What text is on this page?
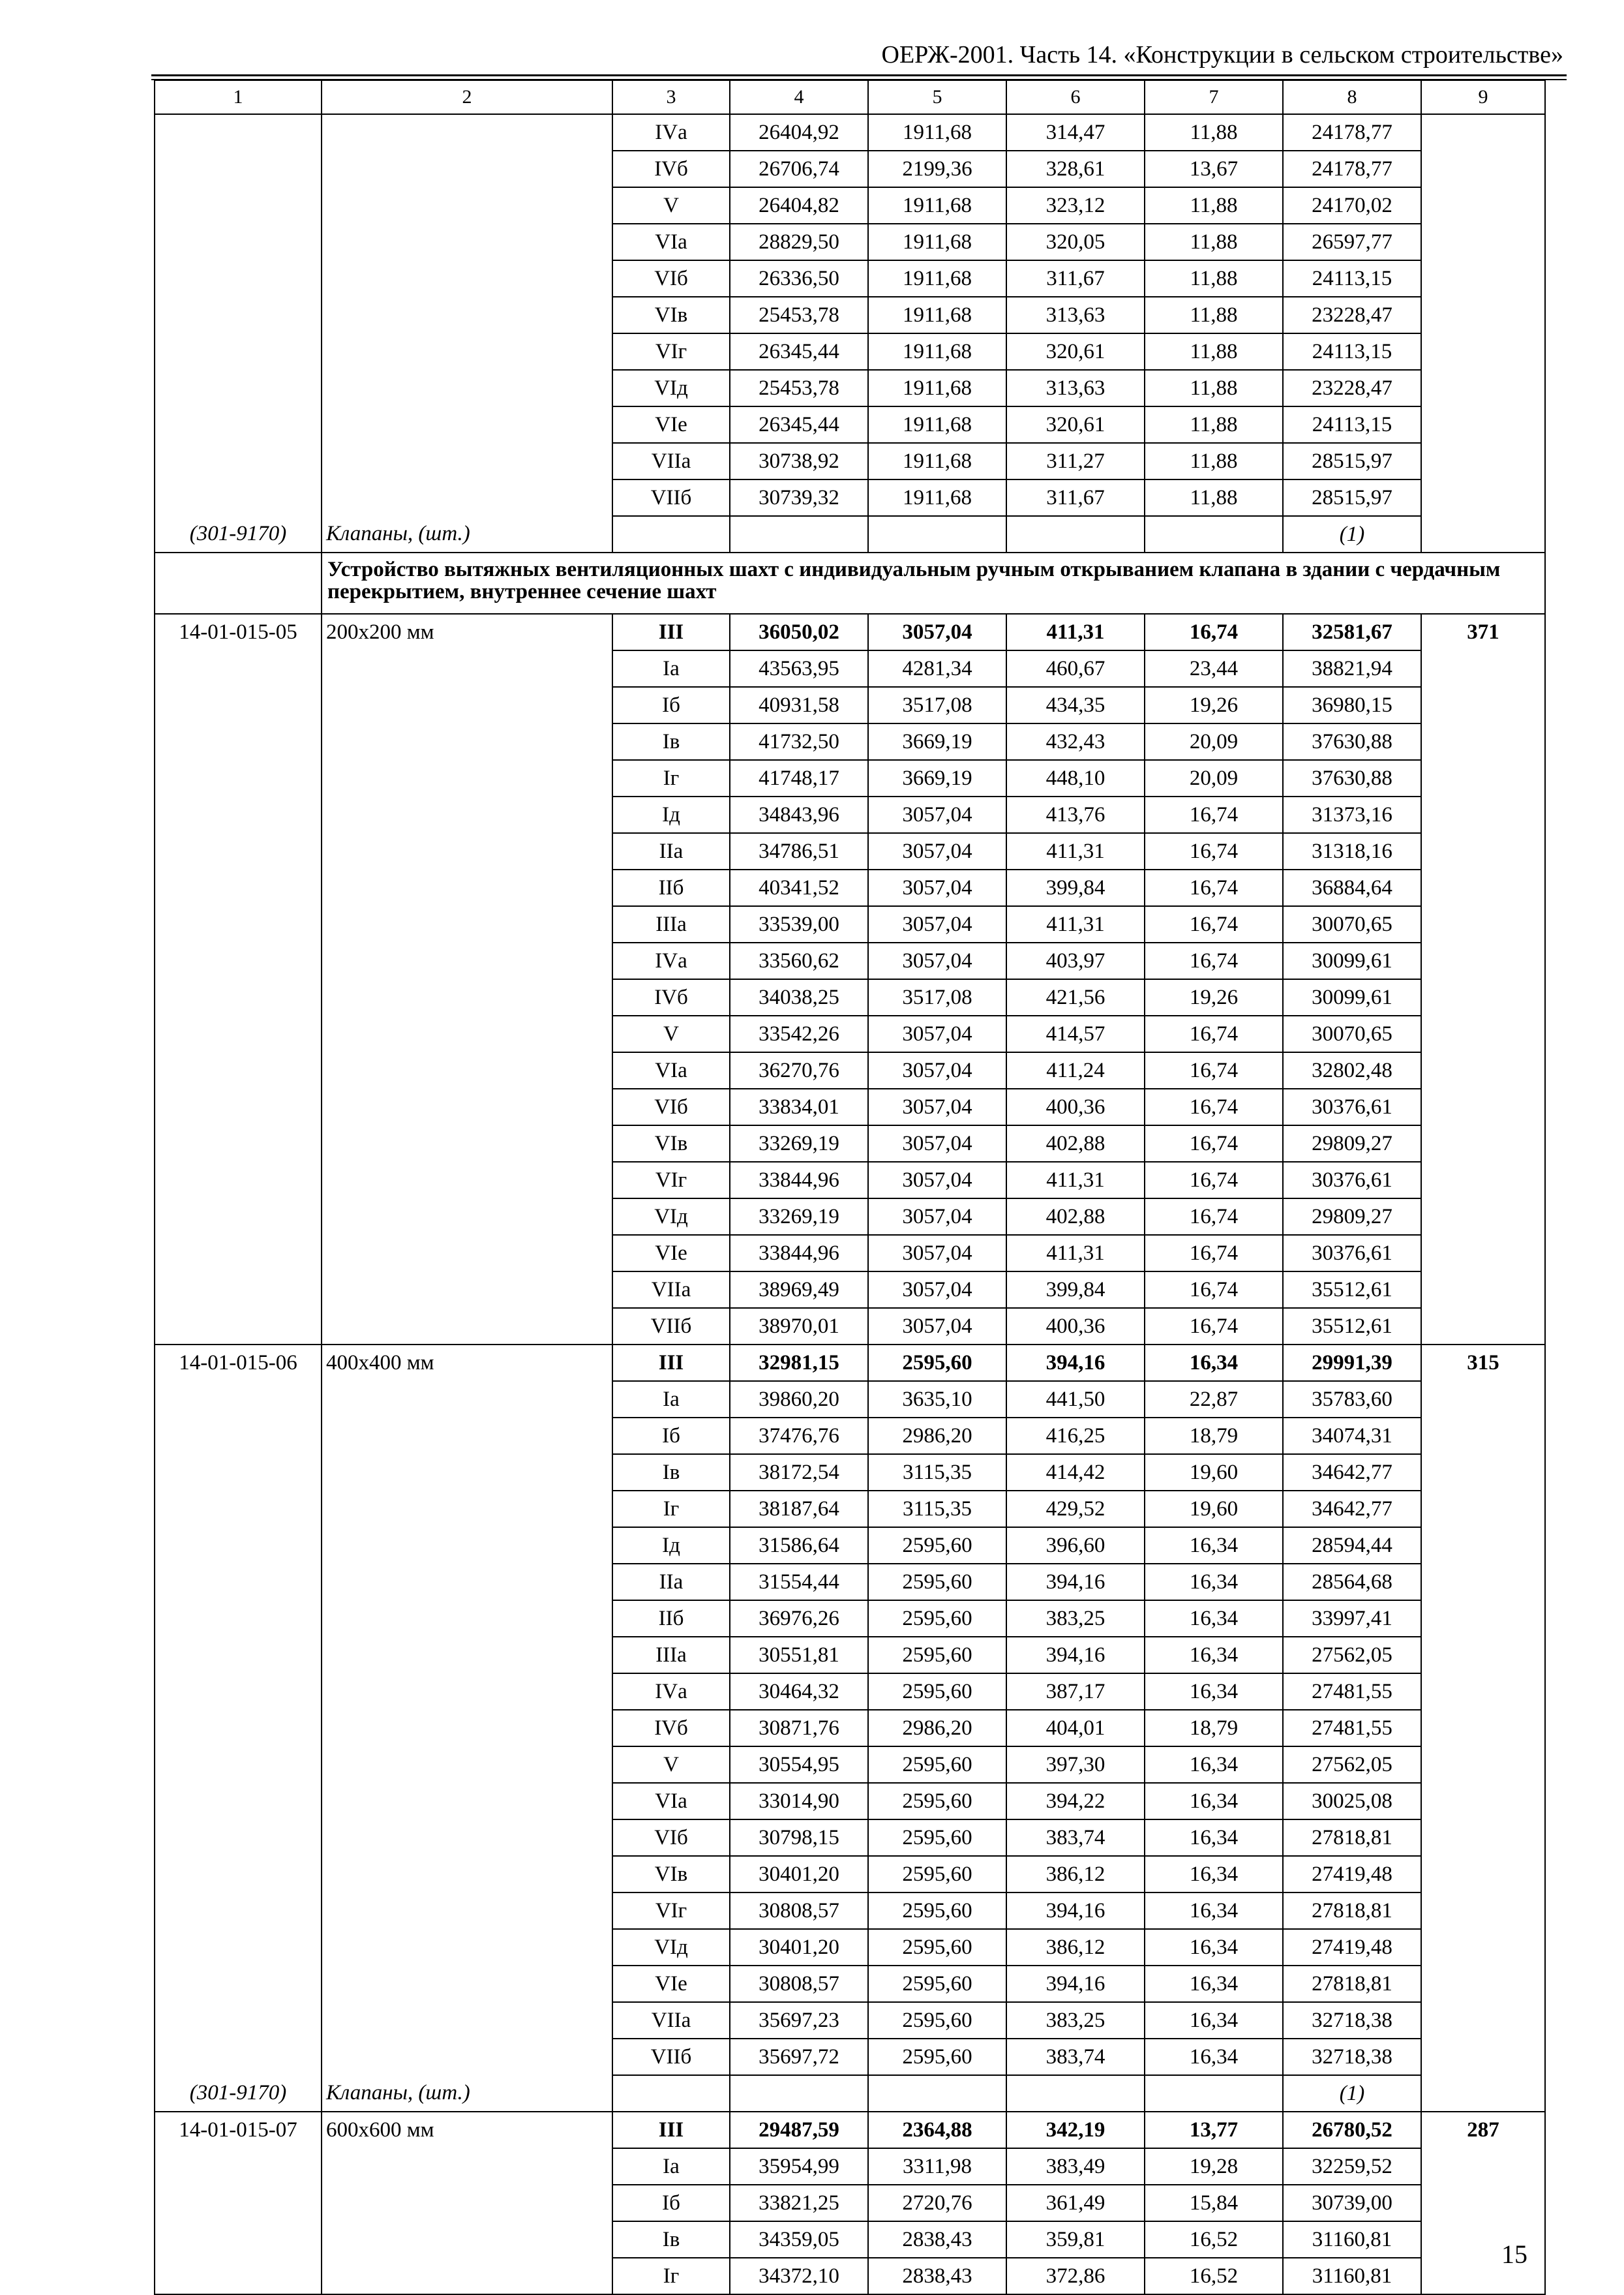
ОЕРЖ-2001. Часть 14. «Конструкции в сельском строительстве»
1	2	3	4	5	6	7	8	9
		IVа	26404,92	1911,68	314,47	11,88	24178,77	
		IVб	26706,74	2199,36	328,61	13,67	24178,77	
		V	26404,82	1911,68	323,12	11,88	24170,02	
		VIа	28829,50	1911,68	320,05	11,88	26597,77	
		VIб	26336,50	1911,68	311,67	11,88	24113,15	
		VIв	25453,78	1911,68	313,63	11,88	23228,47	
		VIг	26345,44	1911,68	320,61	11,88	24113,15	
		VIд	25453,78	1911,68	313,63	11,88	23228,47	
		VIе	26345,44	1911,68	320,61	11,88	24113,15	
		VIIа	30738,92	1911,68	311,27	11,88	28515,97	
		VIIб	30739,32	1911,68	311,67	11,88	28515,97	
(301-9170)	Клапаны, (шт.)						(1)	
	Устройство вытяжных вентиляционных шахт с индивидуальным ручным открыванием клапана в здании с чердачным перекрытием, внутреннее сечение шахт							
14-01-015-05	200х200 мм	III	36050,02	3057,04	411,31	16,74	32581,67	371
		Iа	43563,95	4281,34	460,67	23,44	38821,94	
		Iб	40931,58	3517,08	434,35	19,26	36980,15	
		Iв	41732,50	3669,19	432,43	20,09	37630,88	
		Iг	41748,17	3669,19	448,10	20,09	37630,88	
		Iд	34843,96	3057,04	413,76	16,74	31373,16	
		IIа	34786,51	3057,04	411,31	16,74	31318,16	
		IIб	40341,52	3057,04	399,84	16,74	36884,64	
		IIIа	33539,00	3057,04	411,31	16,74	30070,65	
		IVа	33560,62	3057,04	403,97	16,74	30099,61	
		IVб	34038,25	3517,08	421,56	19,26	30099,61	
		V	33542,26	3057,04	414,57	16,74	30070,65	
		VIа	36270,76	3057,04	411,24	16,74	32802,48	
		VIб	33834,01	3057,04	400,36	16,74	30376,61	
		VIв	33269,19	3057,04	402,88	16,74	29809,27	
		VIг	33844,96	3057,04	411,31	16,74	30376,61	
		VIд	33269,19	3057,04	402,88	16,74	29809,27	
		VIе	33844,96	3057,04	411,31	16,74	30376,61	
		VIIа	38969,49	3057,04	399,84	16,74	35512,61	
		VIIб	38970,01	3057,04	400,36	16,74	35512,61	
14-01-015-06	400х400 мм	III	32981,15	2595,60	394,16	16,34	29991,39	315
		Iа	39860,20	3635,10	441,50	22,87	35783,60	
		Iб	37476,76	2986,20	416,25	18,79	34074,31	
		Iв	38172,54	3115,35	414,42	19,60	34642,77	
		Iг	38187,64	3115,35	429,52	19,60	34642,77	
		Iд	31586,64	2595,60	396,60	16,34	28594,44	
		IIа	31554,44	2595,60	394,16	16,34	28564,68	
		IIб	36976,26	2595,60	383,25	16,34	33997,41	
		IIIа	30551,81	2595,60	394,16	16,34	27562,05	
		IVа	30464,32	2595,60	387,17	16,34	27481,55	
		IVб	30871,76	2986,20	404,01	18,79	27481,55	
		V	30554,95	2595,60	397,30	16,34	27562,05	
		VIа	33014,90	2595,60	394,22	16,34	30025,08	
		VIб	30798,15	2595,60	383,74	16,34	27818,81	
		VIв	30401,20	2595,60	386,12	16,34	27419,48	
		VIг	30808,57	2595,60	394,16	16,34	27818,81	
		VIд	30401,20	2595,60	386,12	16,34	27419,48	
		VIе	30808,57	2595,60	394,16	16,34	27818,81	
		VIIа	35697,23	2595,60	383,25	16,34	32718,38	
		VIIб	35697,72	2595,60	383,74	16,34	32718,38	
(301-9170)	Клапаны, (шт.)						(1)	
14-01-015-07	600х600 мм	III	29487,59	2364,88	342,19	13,77	26780,52	287
		Iа	35954,99	3311,98	383,49	19,28	32259,52	
		Iб	33821,25	2720,76	361,49	15,84	30739,00	
		Iв	34359,05	2838,43	359,81	16,52	31160,81	
		Iг	34372,10	2838,43	372,86	16,52	31160,81	
15
